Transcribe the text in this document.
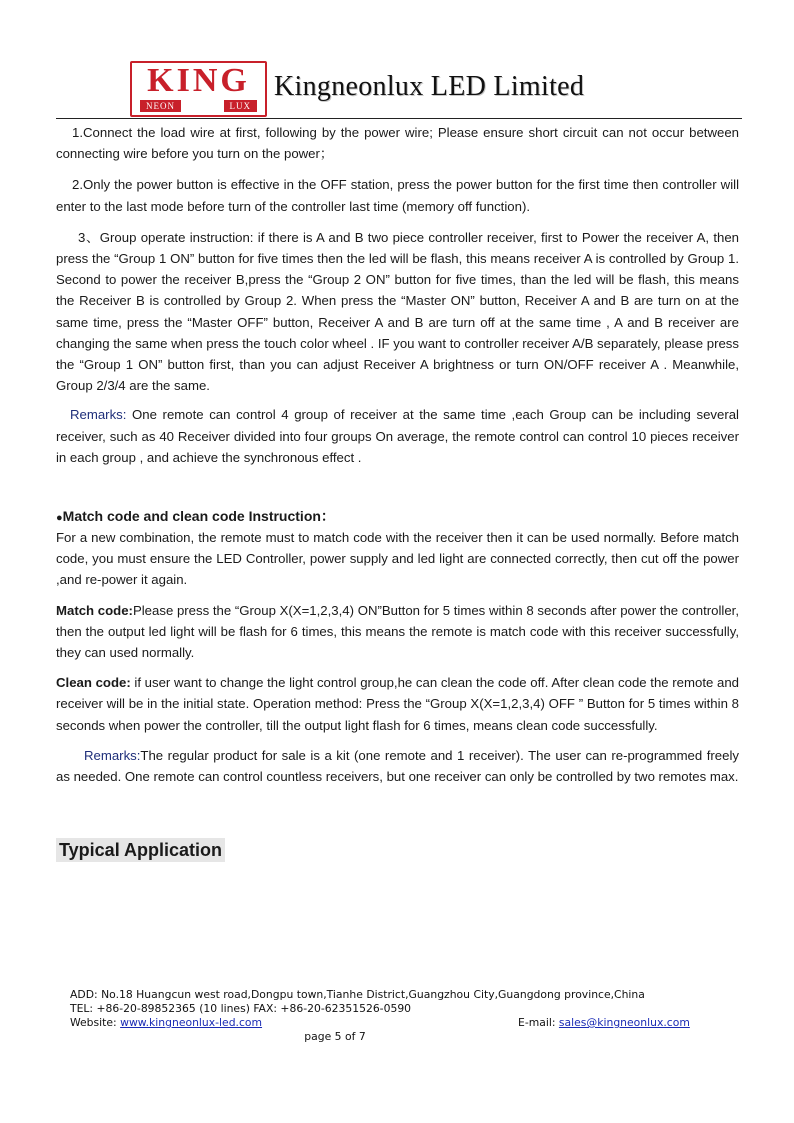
KING
NEON	LUX
Kingneonlux LED Limited

1.Connect the load wire at first, following by the power wire; Please ensure short circuit can not occur between connecting wire before you turn on the power；

2.Only the power button is effective in the OFF station, press the power button for the first time then controller will enter to the last mode before turn of the controller last time (memory off function).

3、Group operate instruction: if there is A and B two piece controller receiver, first to Power the receiver A, then press the “Group 1 ON” button for five times then the led will be flash, this means receiver A is controlled by Group 1. Second to power the receiver B,press the “Group 2 ON” button for five times, than the led will be flash, this means the Receiver B is controlled by Group 2. When press the “Master ON” button, Receiver A and B are turn on at the same time, press the “Master OFF” button, Receiver A and B are turn off at the same time , A and B receiver are changing the same when press the touch color wheel . IF you want to controller receiver A/B separately, please press the “Group 1 ON” button first, than you can adjust Receiver A brightness or turn ON/OFF receiver A . Meanwhile, Group 2/3/4 are the same.

Remarks: One remote can control 4 group of receiver at the same time ,each Group can be including several receiver, such as 40 Receiver divided into four groups On average, the remote control can control 10 pieces receiver in each group , and achieve the synchronous effect .

●Match code and clean code Instruction：

For a new combination, the remote must to match code with the receiver then it can be used normally. Before match code, you must ensure the LED Controller, power supply and led light are connected correctly, then cut off the power ,and re-power it again.

Match code:Please press the “Group X(X=1,2,3,4) ON”Button for 5 times within 8 seconds after power the controller, then the output led light will be flash for 6 times, this means the remote is match code with this receiver successfully, they can used normally.

Clean code: if user want to change the light control group,he can clean the code off. After clean code the remote and receiver will be in the initial state. Operation method: Press the “Group X(X=1,2,3,4) OFF ” Button for 5 times within 8 seconds when power the controller, till the output light flash for 6 times, means clean code successfully.

Remarks:The regular product for sale is a kit (one remote and 1 receiver). The user can re-programmed freely as needed. One remote can control countless receivers, but one receiver can only be controlled by two remotes max.

Typical Application
ADD: No.18 Huangcun west road,Dongpu town,Tianhe District,Guangzhou City,Guangdong province,China
TEL: +86-20-89852365 (10 lines) FAX: +86-20-62351526-0590
Website: www.kingneonlux-led.com	E-mail: sales@kingneonlux.com
page 5 of 7
